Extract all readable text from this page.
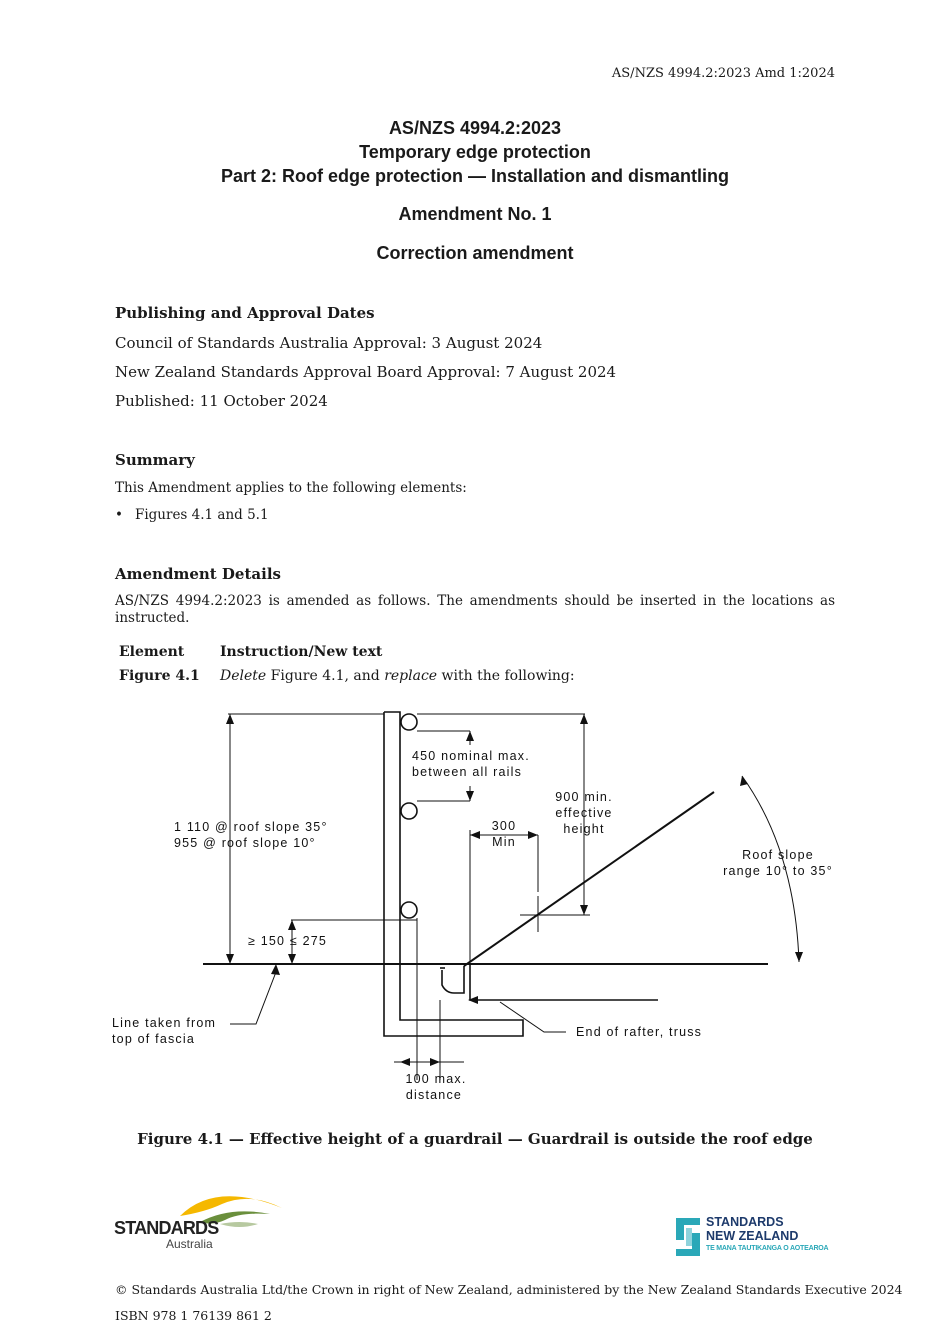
AS/NZS 4994.2:2023 Amd 1:2024
AS/NZS 4994.2:2023
Temporary edge protection
Part 2: Roof edge protection — Installation and dismantling
Amendment No. 1
Correction amendment
Publishing and Approval Dates
Council of Standards Australia Approval: 3 August 2024
New Zealand Standards Approval Board Approval: 7 August 2024
Published: 11 October 2024
Summary
This Amendment applies to the following elements:
• Figures 4.1 and 5.1
Amendment Details
AS/NZS 4994.2:2023 is amended as follows. The amendments should be inserted in the locations as instructed.
Element	Instruction/New text
Figure 4.1 Delete Figure 4.1, and replace with the following:
450 nominal max.
between all rails
900 min.
effective
height
1 110 @ roof slope 35°
955 @ roof slope 10°
300
Min
Roof slope
range 10° to 35°
≥ 150 ≤ 275
Line taken from
top of fascia	End of rafter, truss
100 max.
distance
Figure 4.1 — Effective height of a guardrail — Guardrail is outside the roof edge
STANDARDS
Australia
STANDARDS
NEW ZEALAND
TE MANA TAUTIKANGA O AOTEAROA
© Standards Australia Ltd/the Crown in right of New Zealand, administered by the New Zealand Standards Executive 2024
ISBN 978 1 76139 861 2
